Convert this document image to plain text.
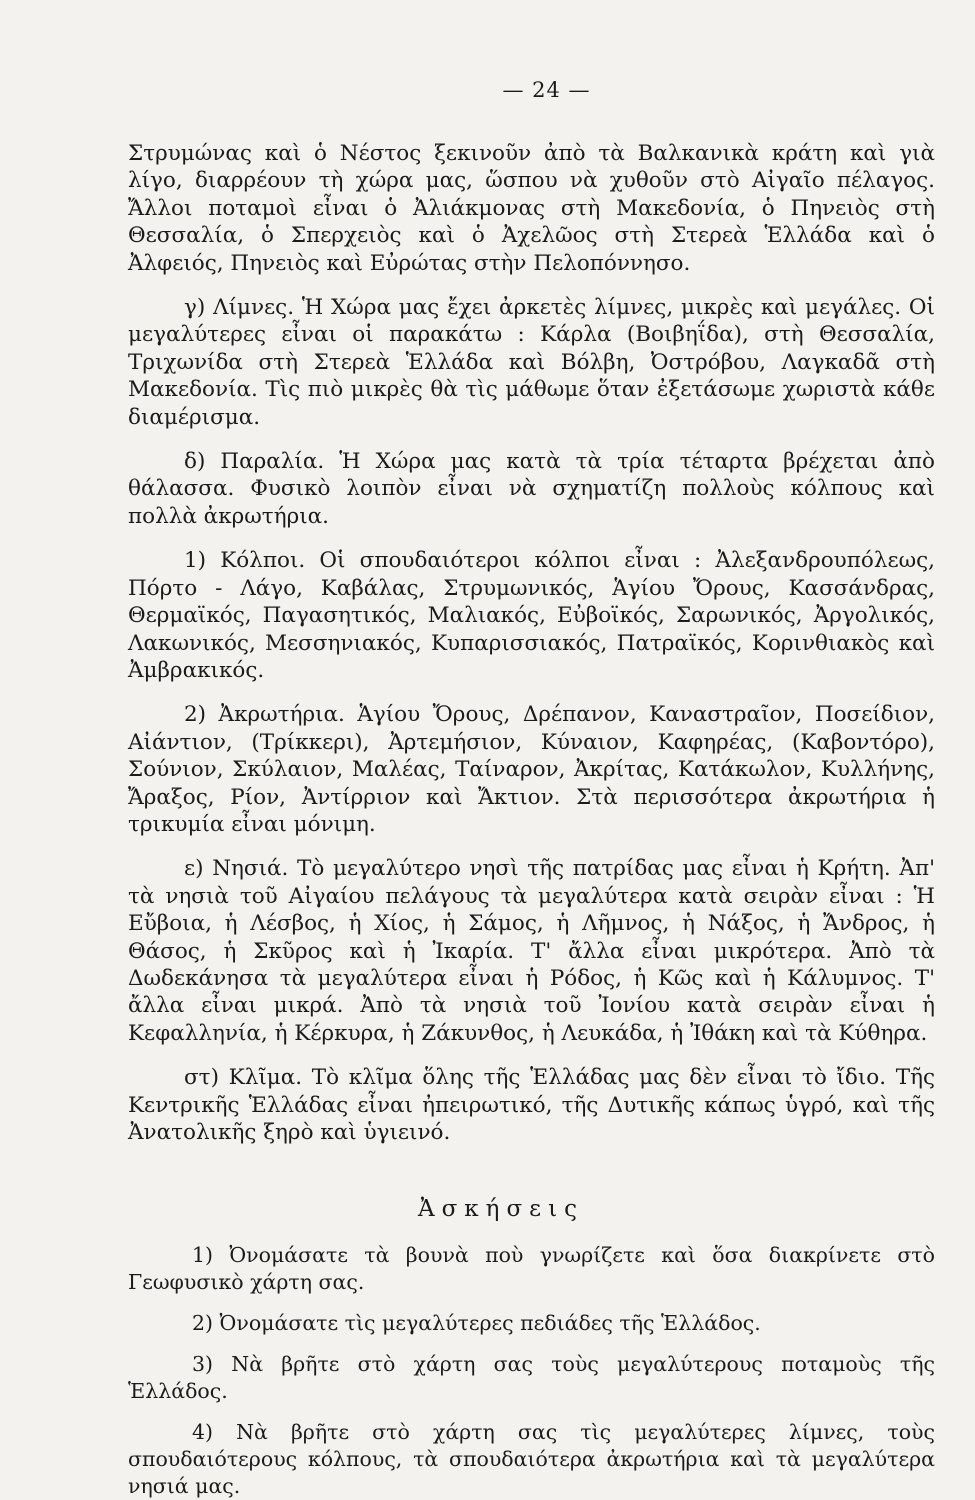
— 24 —

Στρυμώνας καὶ ὁ Νέστος ξεκινοῦν ἀπὸ τὰ Βαλκανικὰ κράτη καὶ γιὰ λίγο, διαρρέουν τὴ χώρα μας, ὥσπου νὰ χυθοῦν στὸ Αἰγαῖο πέλαγος. Ἄλλοι ποταμοὶ εἶναι ὁ Ἀλιάκμονας στὴ Μακεδονία, ὁ Πηνειὸς στὴ Θεσσαλία, ὁ Σπερχειὸς καὶ ὁ Ἀχελῶος στὴ Στερεὰ Ἑλλάδα καὶ ὁ Ἀλφειός, Πηνειὸς καὶ Εὐρώτας στὴν Πελοπόννησο.

γ) Λίμνες. Ἡ Χώρα μας ἔχει ἀρκετὲς λίμνες, μικρὲς καὶ μεγάλες. Οἱ μεγαλύτερες εἶναι οἱ παρακάτω : Κάρλα (Βοιβηΐδα), στὴ Θεσσαλία, Τριχωνίδα στὴ Στερεὰ Ἑλλάδα καὶ Βόλβη, Ὀστρόβου, Λαγκαδᾶ στὴ Μακεδονία. Τὶς πιὸ μικρὲς θὰ τὶς μάθωμε ὅταν ἐξετάσωμε χωριστὰ κάθε διαμέρισμα.

δ) Παραλία. Ἡ Χώρα μας κατὰ τὰ τρία τέταρτα βρέχεται ἀπὸ θάλασσα. Φυσικὸ λοιπὸν εἶναι νὰ σχηματίζη πολλοὺς κόλπους καὶ πολλὰ ἀκρωτήρια.

1) Κόλποι. Οἱ σπουδαιότεροι κόλποι εἶναι : Ἀλεξανδρουπόλεως, Πόρτο - Λάγο, Καβάλας, Στρυμωνικός, Ἁγίου Ὄρους, Κασσάνδρας, Θερμαϊκός, Παγασητικός, Μαλιακός, Εὐβοϊκός, Σαρωνικός, Ἀργολικός, Λακωνικός, Μεσσηνιακός, Κυπαρισσιακός, Πατραϊκός, Κορινθιακὸς καὶ Ἀμβρακικός.

2) Ἀκρωτήρια. Ἁγίου Ὄρους, Δρέπανον, Καναστραῖον, Ποσείδιον, Αἰάντιον, (Τρίκκερι), Ἀρτεμήσιον, Κύναιον, Καφηρέας, (Καβοντόρο), Σούνιον, Σκύλαιον, Μαλέας, Ταίναρον, Ἀκρίτας, Κατάκωλον, Κυλλήνης, Ἄραξος, Ρίον, Ἀντίρριον καὶ Ἄκτιον. Στὰ περισσότερα ἀκρωτήρια ἡ τρικυμία εἶναι μόνιμη.

ε) Νησιά. Τὸ μεγαλύτερο νησὶ τῆς πατρίδας μας εἶναι ἡ Κρήτη. Ἀπ' τὰ νησιὰ τοῦ Αἰγαίου πελάγους τὰ μεγαλύτερα κατὰ σειρὰν εἶναι : Ἡ Εὔβοια, ἡ Λέσβος, ἡ Χίος, ἡ Σάμος, ἡ Λῆμνος, ἡ Νάξος, ἡ Ἄνδρος, ἡ Θάσος, ἡ Σκῦρος καὶ ἡ Ἰκαρία. Τ' ἄλλα εἶναι μικρότερα. Ἀπὸ τὰ Δωδεκάνησα τὰ μεγαλύτερα εἶναι ἡ Ρόδος, ἡ Κῶς καὶ ἡ Κάλυμνος. Τ' ἄλλα εἶναι μικρά. Ἀπὸ τὰ νησιὰ τοῦ Ἰονίου κατὰ σειρὰν εἶναι ἡ Κεφαλληνία, ἡ Κέρκυρα, ἡ Ζάκυνθος, ἡ Λευκάδα, ἡ Ἰθάκη καὶ τὰ Κύθηρα.

στ) Κλῖμα. Τὸ κλῖμα ὅλης τῆς Ἑλλάδας μας δὲν εἶναι τὸ ἴδιο. Τῆς Κεντρικῆς Ἑλλάδας εἶναι ἠπειρωτικό, τῆς Δυτικῆς κάπως ὑγρό, καὶ τῆς Ἀνατολικῆς ξηρὸ καὶ ὑγιεινό.

Ἀσκήσεις

1) Ὀνομάσατε τὰ βουνὰ ποὺ γνωρίζετε καὶ ὅσα διακρίνετε στὸ Γεωφυσικὸ χάρτη σας.

2) Ὀνομάσατε τὶς μεγαλύτερες πεδιάδες τῆς Ἑλλάδος.

3) Νὰ βρῆτε στὸ χάρτη σας τοὺς μεγαλύτερους ποταμοὺς τῆς Ἑλλάδος.

4) Νὰ βρῆτε στὸ χάρτη σας τὶς μεγαλύτερες λίμνες, τοὺς σπουδαιότερους κόλπους, τὰ σπουδαιότερα ἀκρωτήρια καὶ τὰ μεγαλύτερα νησιά μας.
